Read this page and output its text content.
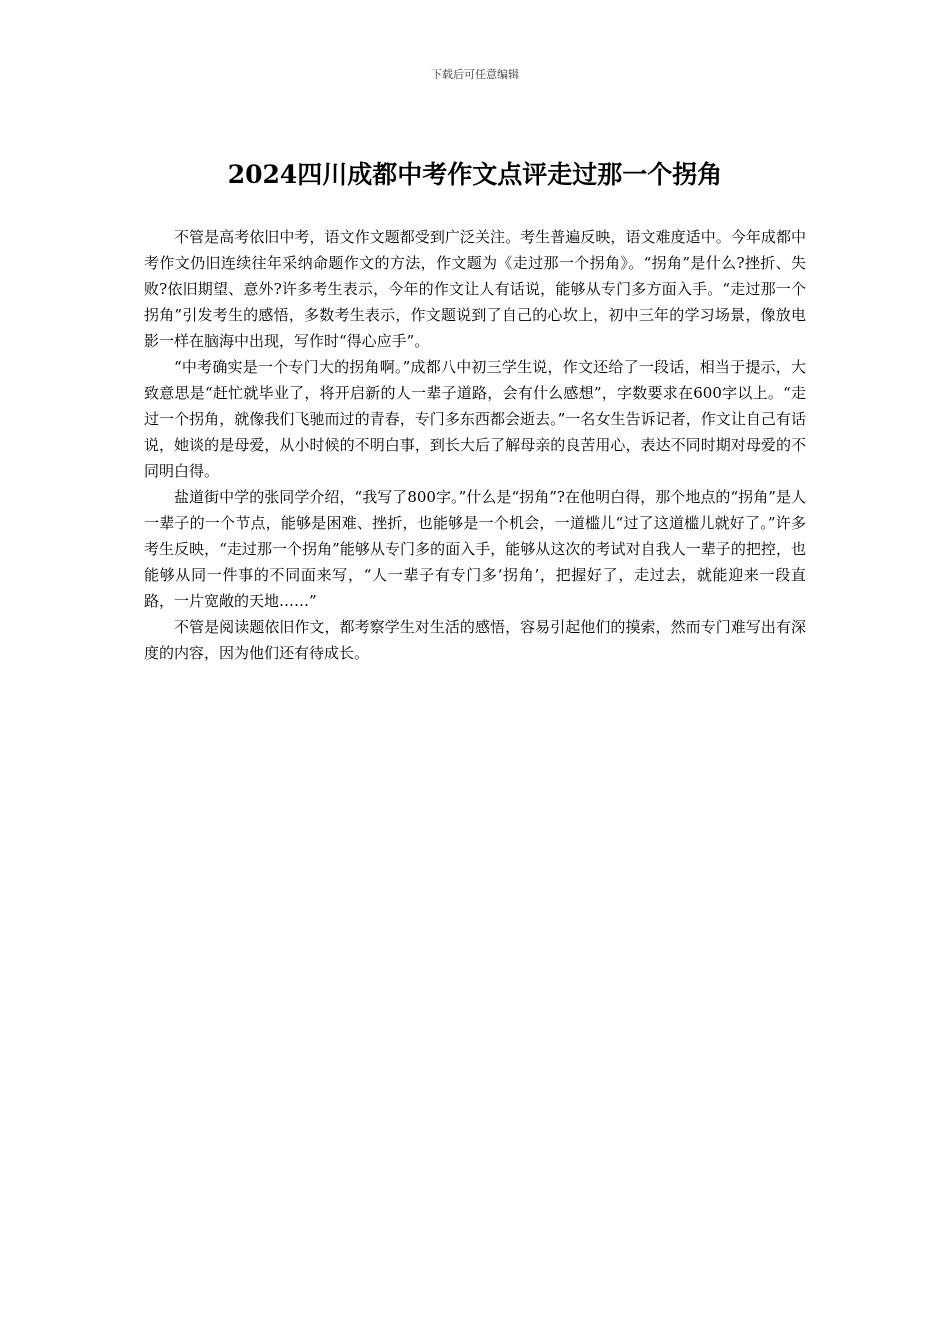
下载后可任意编辑
2024四川成都中考作文点评走过那一个拐角

不管是高考依旧中考，语文作文题都受到广泛关注。考生普遍反映，语文难度适中。今年成都中考作文仍旧连续往年采纳命题作文的方法，作文题为《走过那一个拐角》。“拐角”是什么?挫折、失败?依旧期望、意外?许多考生表示，今年的作文让人有话说，能够从专门多方面入手。“走过那一个拐角”引发考生的感悟，多数考生表示，作文题说到了自己的心坎上，初中三年的学习场景，像放电影一样在脑海中出现，写作时“得心应手”。

“中考确实是一个专门大的拐角啊。”成都八中初三学生说，作文还给了一段话，相当于提示，大致意思是“赶忙就毕业了，将开启新的人一辈子道路，会有什么感想”，字数要求在600字以上。“走过一个拐角，就像我们飞驰而过的青春，专门多东西都会逝去。”一名女生告诉记者，作文让自己有话说，她谈的是母爱，从小时候的不明白事，到长大后了解母亲的良苦用心，表达不同时期对母爱的不同明白得。

盐道街中学的张同学介绍，“我写了800字。”什么是“拐角”?在他明白得，那个地点的“拐角”是人一辈子的一个节点，能够是困难、挫折，也能够是一个机会，一道槛儿“过了这道槛儿就好了。”许多考生反映，“走过那一个拐角”能够从专门多的面入手，能够从这次的考试对自我人一辈子的把控，也能够从同一件事的不同面来写，“人一辈子有专门多‘拐角’，把握好了，走过去，就能迎来一段直路，一片宽敞的天地……”

不管是阅读题依旧作文，都考察学生对生活的感悟，容易引起他们的摸索，然而专门难写出有深度的内容，因为他们还有待成长。
